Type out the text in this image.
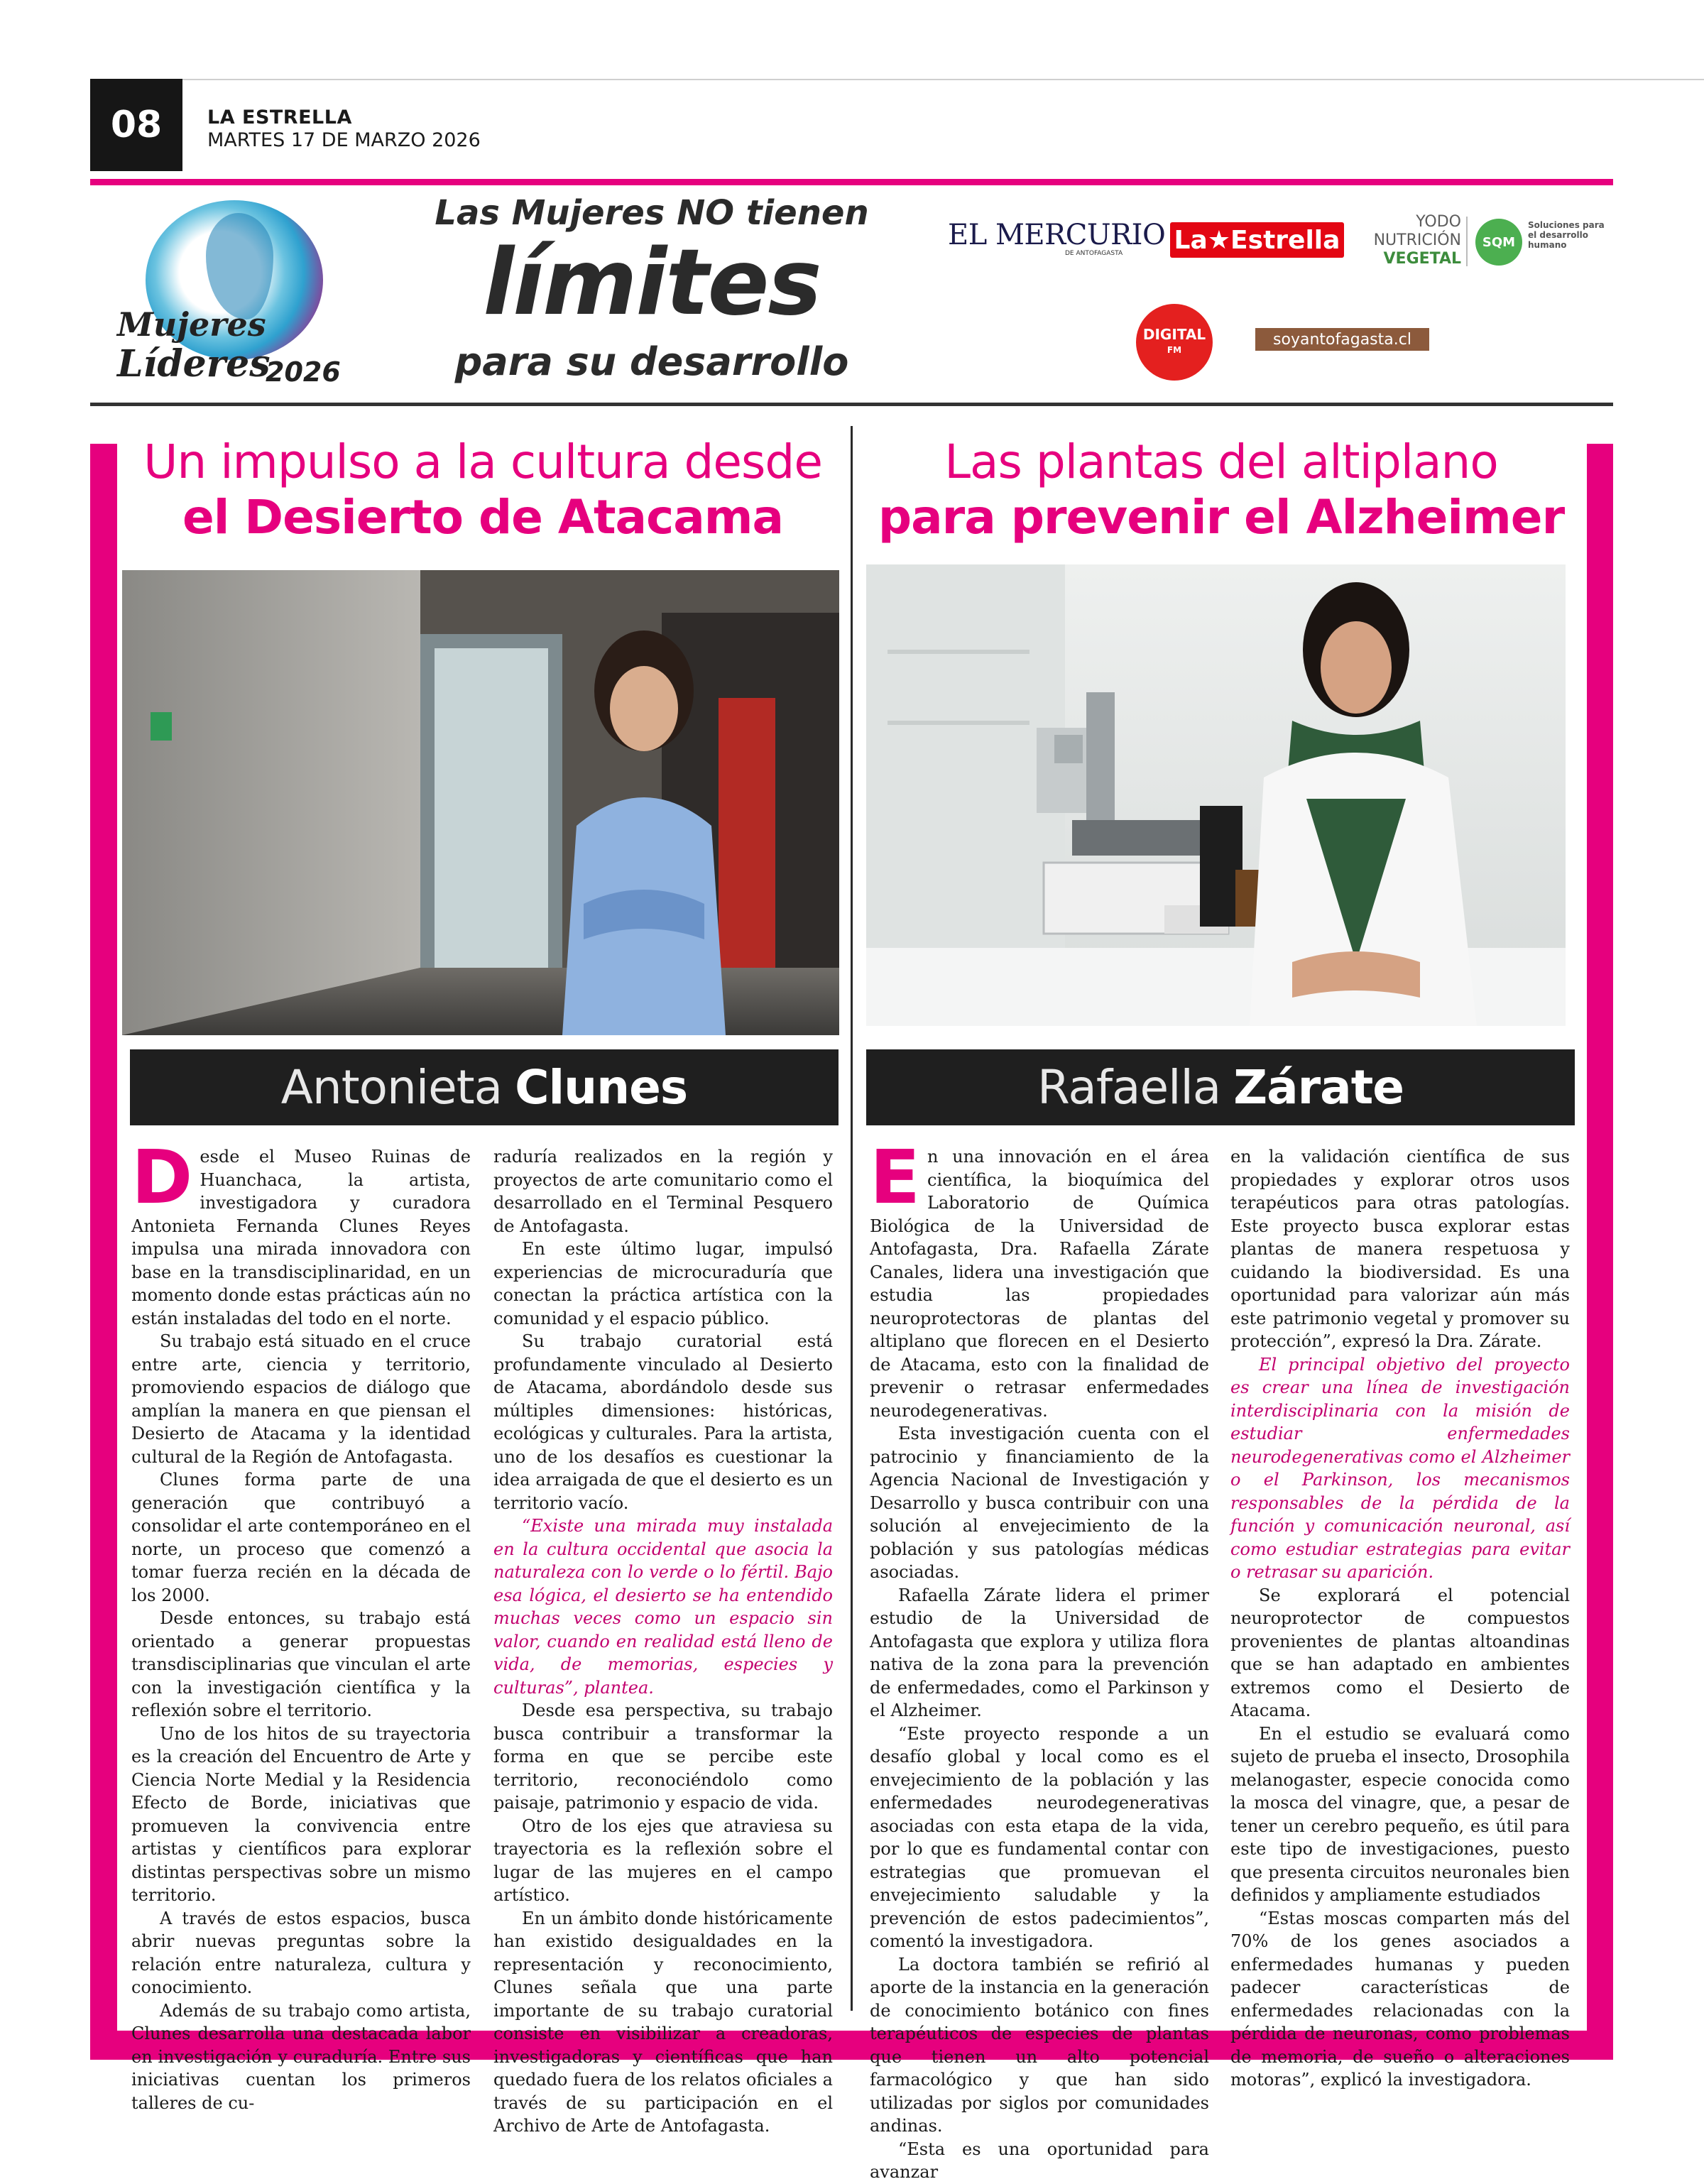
08	LA ESTRELLA
MARTES 17 DE MARZO 2026
Mujeres
Líderes
2026
Las Mujeres NO tienen
límites
para su desarrollo
EL MERCURIO
DE ANTOFAGASTA La★Estrella
YODO
NUTRICIÓN
VEGETAL
SQM
Soluciones para el desarrollo humano
DIGITAL
FM
soyantofagasta.cl
Un impulso a la cultura desde
el Desierto de Atacama
Antonieta Clunes
D esde el Museo Ruinas de Huanchaca, la artista, investigadora y curadora Antonieta Fernanda Clunes Reyes impulsa una mirada innovadora con base en la transdisciplinaridad, en un momento donde estas prácticas aún no están instaladas del todo en el norte.

Su trabajo está situado en el cruce entre arte, ciencia y territorio, promoviendo espacios de diálogo que amplían la manera en que piensan el Desierto de Atacama y la identidad cultural de la Región de Antofagasta.

Clunes forma parte de una generación que contribuyó a consolidar el arte contemporáneo en el norte, un proceso que comenzó a tomar fuerza recién en la década de los 2000.

Desde entonces, su trabajo está orientado a generar propuestas transdisciplinarias que vinculan el arte con la investigación científica y la reflexión sobre el territorio.

Uno de los hitos de su trayectoria es la creación del Encuentro de Arte y Ciencia Norte Medial y la Residencia Efecto de Borde, iniciativas que promueven la convivencia entre artistas y científicos para explorar distintas perspectivas sobre un mismo territorio.

A través de estos espacios, busca abrir nuevas preguntas sobre la relación entre naturaleza, cultura y conocimiento.

Además de su trabajo como artista, Clunes desarrolla una destacada labor en investigación y curaduría. Entre sus iniciativas cuentan los primeros talleres de cu-

raduría realizados en la región y proyectos de arte comunitario como el desarrollado en el Terminal Pesquero de Antofagasta.

En este último lugar, impulsó experiencias de microcuraduría que conectan la práctica artística con la comunidad y el espacio público.

Su trabajo curatorial está profundamente vinculado al Desierto de Atacama, abordándolo desde sus múltiples dimensiones: históricas, ecológicas y culturales. Para la artista, uno de los desafíos es cuestionar la idea arraigada de que el desierto es un territorio vacío.

“Existe una mirada muy instalada en la cultura occidental que asocia la naturaleza con lo verde o lo fértil. Bajo esa lógica, el desierto se ha entendido muchas veces como un espacio sin valor, cuando en realidad está lleno de vida, de memorias, especies y culturas”, plantea.

Desde esa perspectiva, su trabajo busca contribuir a transformar la forma en que se percibe este territorio, reconociéndolo como paisaje, patrimonio y espacio de vida.

Otro de los ejes que atraviesa su trayectoria es la reflexión sobre el lugar de las mujeres en el campo artístico.

En un ámbito donde históricamente han existido desigualdades en la representación y reconocimiento, Clunes señala que una parte importante de su trabajo curatorial consiste en visibilizar a creadoras, investigadoras y científicas que han quedado fuera de los relatos oficiales a través de su participación en el Archivo de Arte de Antofagasta.

Las plantas del altiplano
para prevenir el Alzheimer
Rafaella Zárate
E n una innovación en el área científica, la bioquímica del Laboratorio de Química Biológica de la Universidad de Antofagasta, Dra. Rafaella Zárate Canales, lidera una investigación que estudia las propiedades neuroprotectoras de plantas del altiplano que florecen en el Desierto de Atacama, esto con la finalidad de prevenir o retrasar enfermedades neurodegenerativas.

Esta investigación cuenta con el patrocinio y financiamiento de la Agencia Nacional de Investigación y Desarrollo y busca contribuir con una solución al envejecimiento de la población y sus patologías médicas asociadas.

Rafaella Zárate lidera el primer estudio de la Universidad de Antofagasta que explora y utiliza flora nativa de la zona para la prevención de enfermedades, como el Parkinson y el Alzheimer.

“Este proyecto responde a un desafío global y local como es el envejecimiento de la población y las enfermedades neurodegenerativas asociadas con esta etapa de la vida, por lo que es fundamental contar con estrategias que promuevan el envejecimiento saludable y la prevención de estos padecimientos”, comentó la investigadora.

La doctora también se refirió al aporte de la instancia en la generación de conocimiento botánico con fines terapéuticos de especies de plantas que tienen un alto potencial farmacológico y que han sido utilizadas por siglos por comunidades andinas.

“Esta es una oportunidad para avanzar

en la validación científica de sus propiedades y explorar otros usos terapéuticos para otras patologías. Este proyecto busca explorar estas plantas de manera respetuosa y cuidando la biodiversidad. Es una oportunidad para valorizar aún más este patrimonio vegetal y promover su protección”, expresó la Dra. Zárate.

El principal objetivo del proyecto es crear una línea de investigación interdisciplinaria con la misión de estudiar enfermedades neurodegenerativas como el Alzheimer o el Parkinson, los mecanismos responsables de la pérdida de la función y comunicación neuronal, así como estudiar estrategias para evitar o retrasar su aparición.

Se explorará el potencial neuroprotector de compuestos provenientes de plantas altoandinas que se han adaptado en ambientes extremos como el Desierto de Atacama.

En el estudio se evaluará como sujeto de prueba el insecto, Drosophila melanogaster, especie conocida como la mosca del vinagre, que, a pesar de tener un cerebro pequeño, es útil para este tipo de investigaciones, puesto que presenta circuitos neuronales bien definidos y ampliamente estudiados

“Estas moscas comparten más del 70% de los genes asociados a enfermedades humanas y pueden padecer características de enfermedades relacionadas con la pérdida de neuronas, como problemas de memoria, de sueño o alteraciones motoras”, explicó la investigadora.
